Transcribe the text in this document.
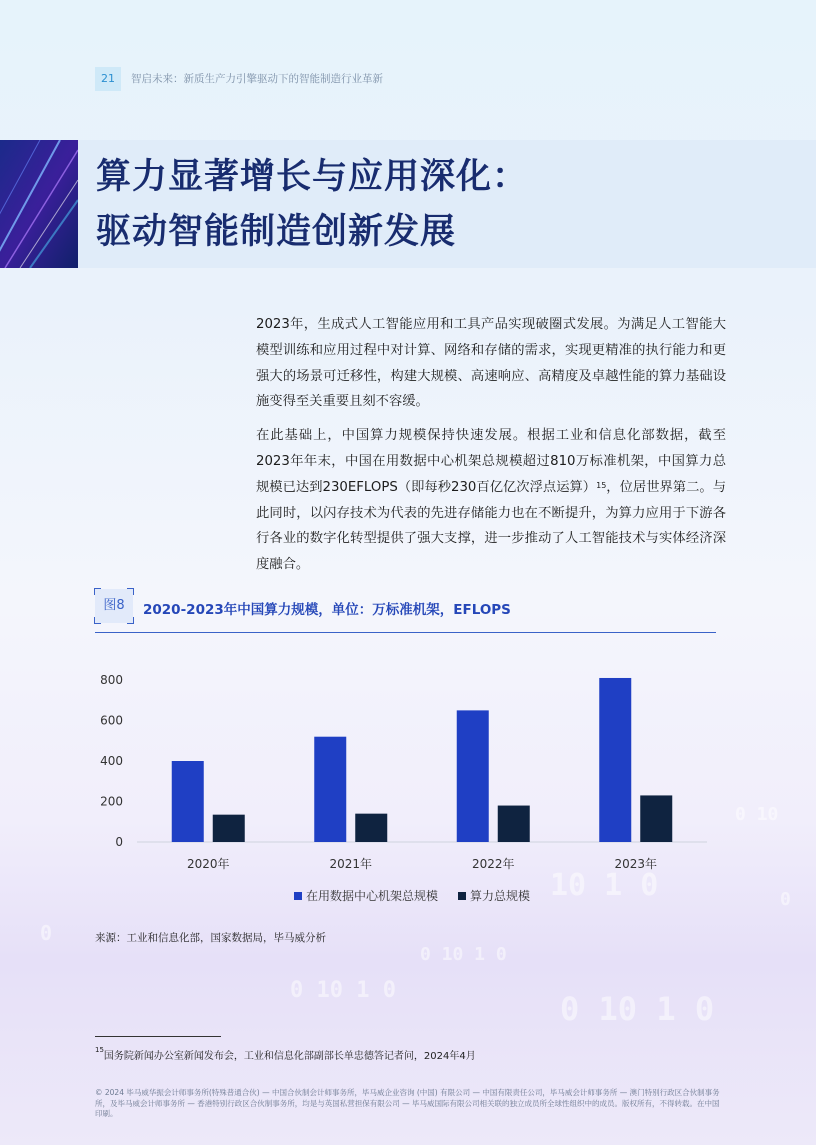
10 1 0
0 10 1 0
0 10 1 0
0 10 1 0
0 10
0
0
21	智启未来：新质生产力引擎驱动下的智能制造行业革新
算力显著增长与应用深化：
驱动智能制造创新发展

2023年，生成式人工智能应用和工具产品实现破圈式发展。为满足人工智能大模型训练和应用过程中对计算、网络和存储的需求，实现更精准的执行能力和更强大的场景可迁移性，构建大规模、高速响应、高精度及卓越性能的算力基础设施变得至关重要且刻不容缓。

在此基础上，中国算力规模保持快速发展。根据工业和信息化部数据，截至2023年年末，中国在用数据中心机架总规模超过810万标准机架，中国算力总规模已达到230EFLOPS（即每秒230百亿亿次浮点运算）$^{15}$，位居世界第二。与此同时，以闪存技术为代表的先进存储能力也在不断提升，为算力应用于下游各行各业的数字化转型提供了强大支撑，进一步推动了人工智能技术与实体经济深度融合。

图8	2020-2023年中国算力规模，单位：万标准机架，EFLOPS
0
200
400
600
800
2020年	2021年	2022年	2023年
在用数据中心机架总规模	算力总规模
来源：工业和信息化部，国家数据局，毕马威分析
$^{15}$国务院新闻办公室新闻发布会，工业和信息化部副部长单忠德答记者问，2024年4月
© 2024 毕马威华振会计师事务所(特殊普通合伙) — 中国合伙制会计师事务所，毕马威企业咨询 (中国) 有限公司 — 中国有限责任公司，毕马威会计师事务所 — 澳门特别行政区合伙制事务所，及毕马威会计师事务所 — 香港特别行政区合伙制事务所，均是与英国私营担保有限公司 — 毕马威国际有限公司相关联的独立成员所全球性组织中的成员。版权所有，不得转载。在中国印刷。
